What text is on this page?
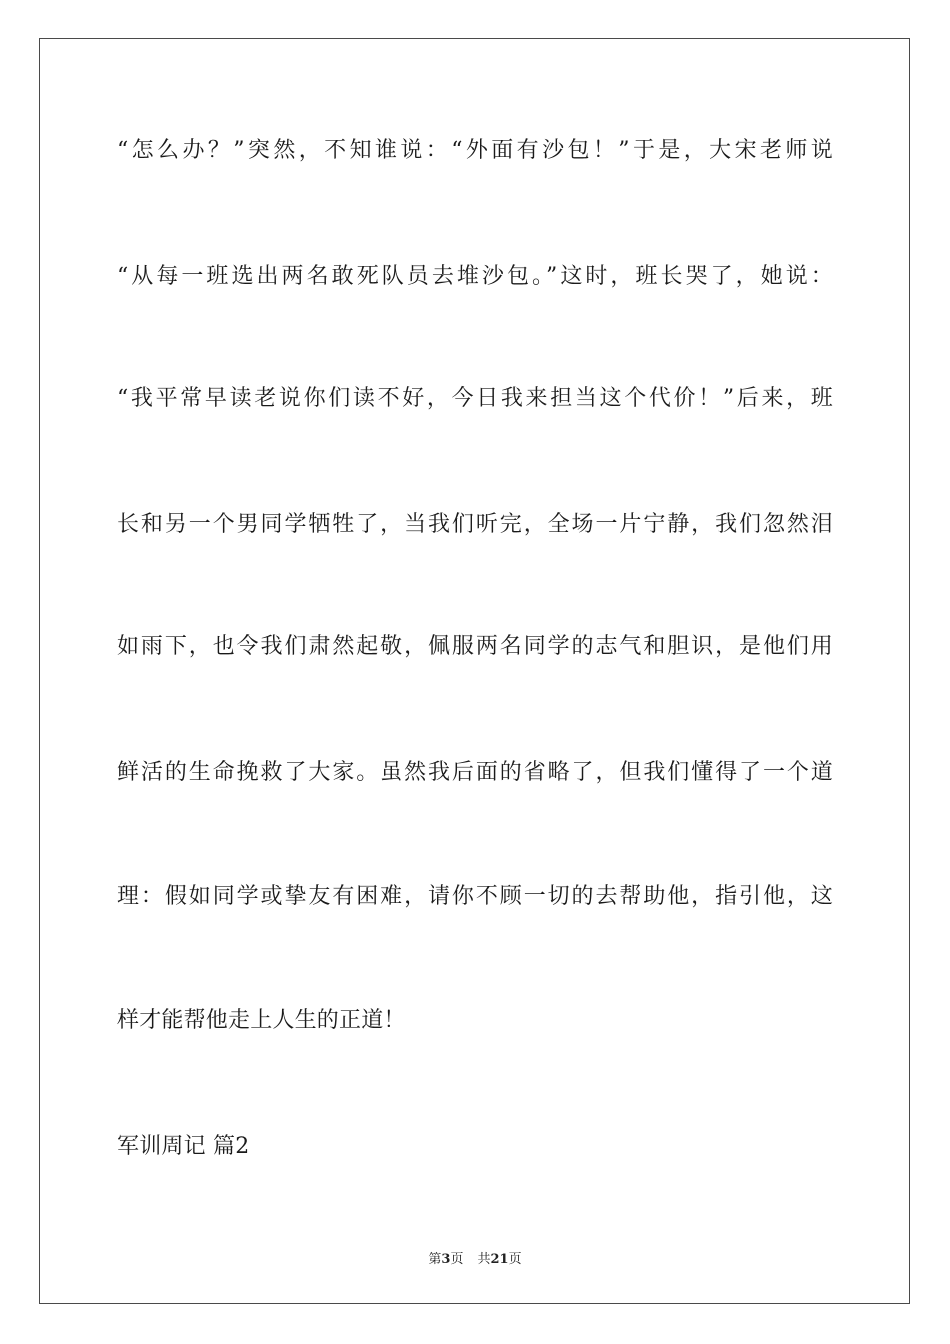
“怎么办？”突然，不知谁说：“外面有沙包！”于是，大宋老师说
“从每一班选出两名敢死队员去堆沙包。”这时，班长哭了，她说：
“我平常早读老说你们读不好，今日我来担当这个代价！”后来，班
长和另一个男同学牺牲了，当我们听完，全场一片宁静，我们忽然泪
如雨下，也令我们肃然起敬，佩服两名同学的志气和胆识，是他们用
鲜活的生命挽救了大家。虽然我后面的省略了，但我们懂得了一个道
理：假如同学或挚友有困难，请你不顾一切的去帮助他，指引他，这
样才能帮他走上人生的正道！
军训周记 篇2
第3页 共21页
